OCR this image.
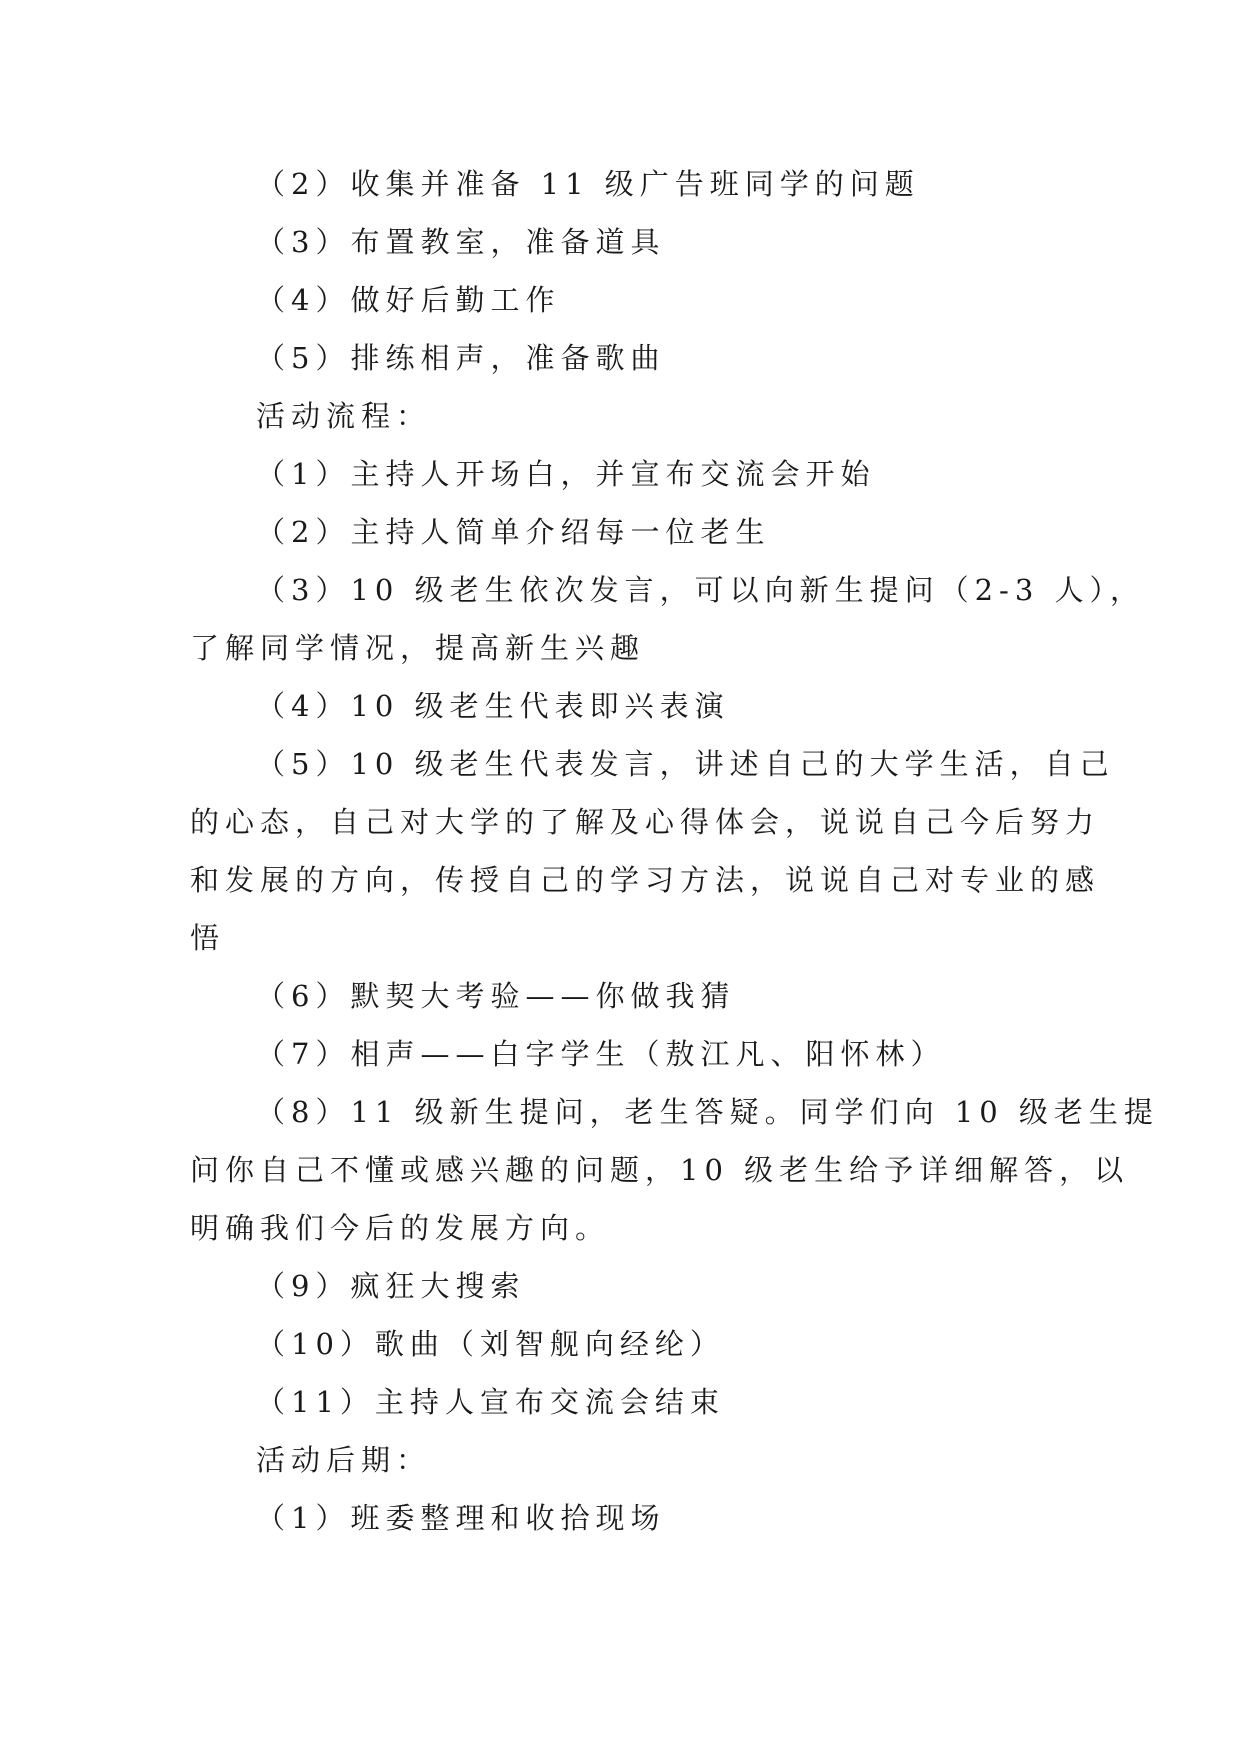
（2）收集并准备 11 级广告班同学的问题
（3）布置教室，准备道具
（4）做好后勤工作
（5）排练相声，准备歌曲
活动流程：
（1）主持人开场白，并宣布交流会开始
（2）主持人简单介绍每一位老生
（3）10 级老生依次发言，可以向新生提问（2-3 人），
了解同学情况，提高新生兴趣
（4）10 级老生代表即兴表演
（5）10 级老生代表发言，讲述自己的大学生活，自己
的心态，自己对大学的了解及心得体会，说说自己今后努力
和发展的方向，传授自己的学习方法，说说自己对专业的感
悟
（6）默契大考验——你做我猜
（7）相声——白字学生（敖江凡、阳怀林）
（8）11 级新生提问，老生答疑。同学们向 10 级老生提
问你自己不懂或感兴趣的问题，10 级老生给予详细解答，以
明确我们今后的发展方向。
（9）疯狂大搜索
（10）歌曲（刘智舰向经纶）
（11）主持人宣布交流会结束
活动后期：
（1）班委整理和收拾现场
